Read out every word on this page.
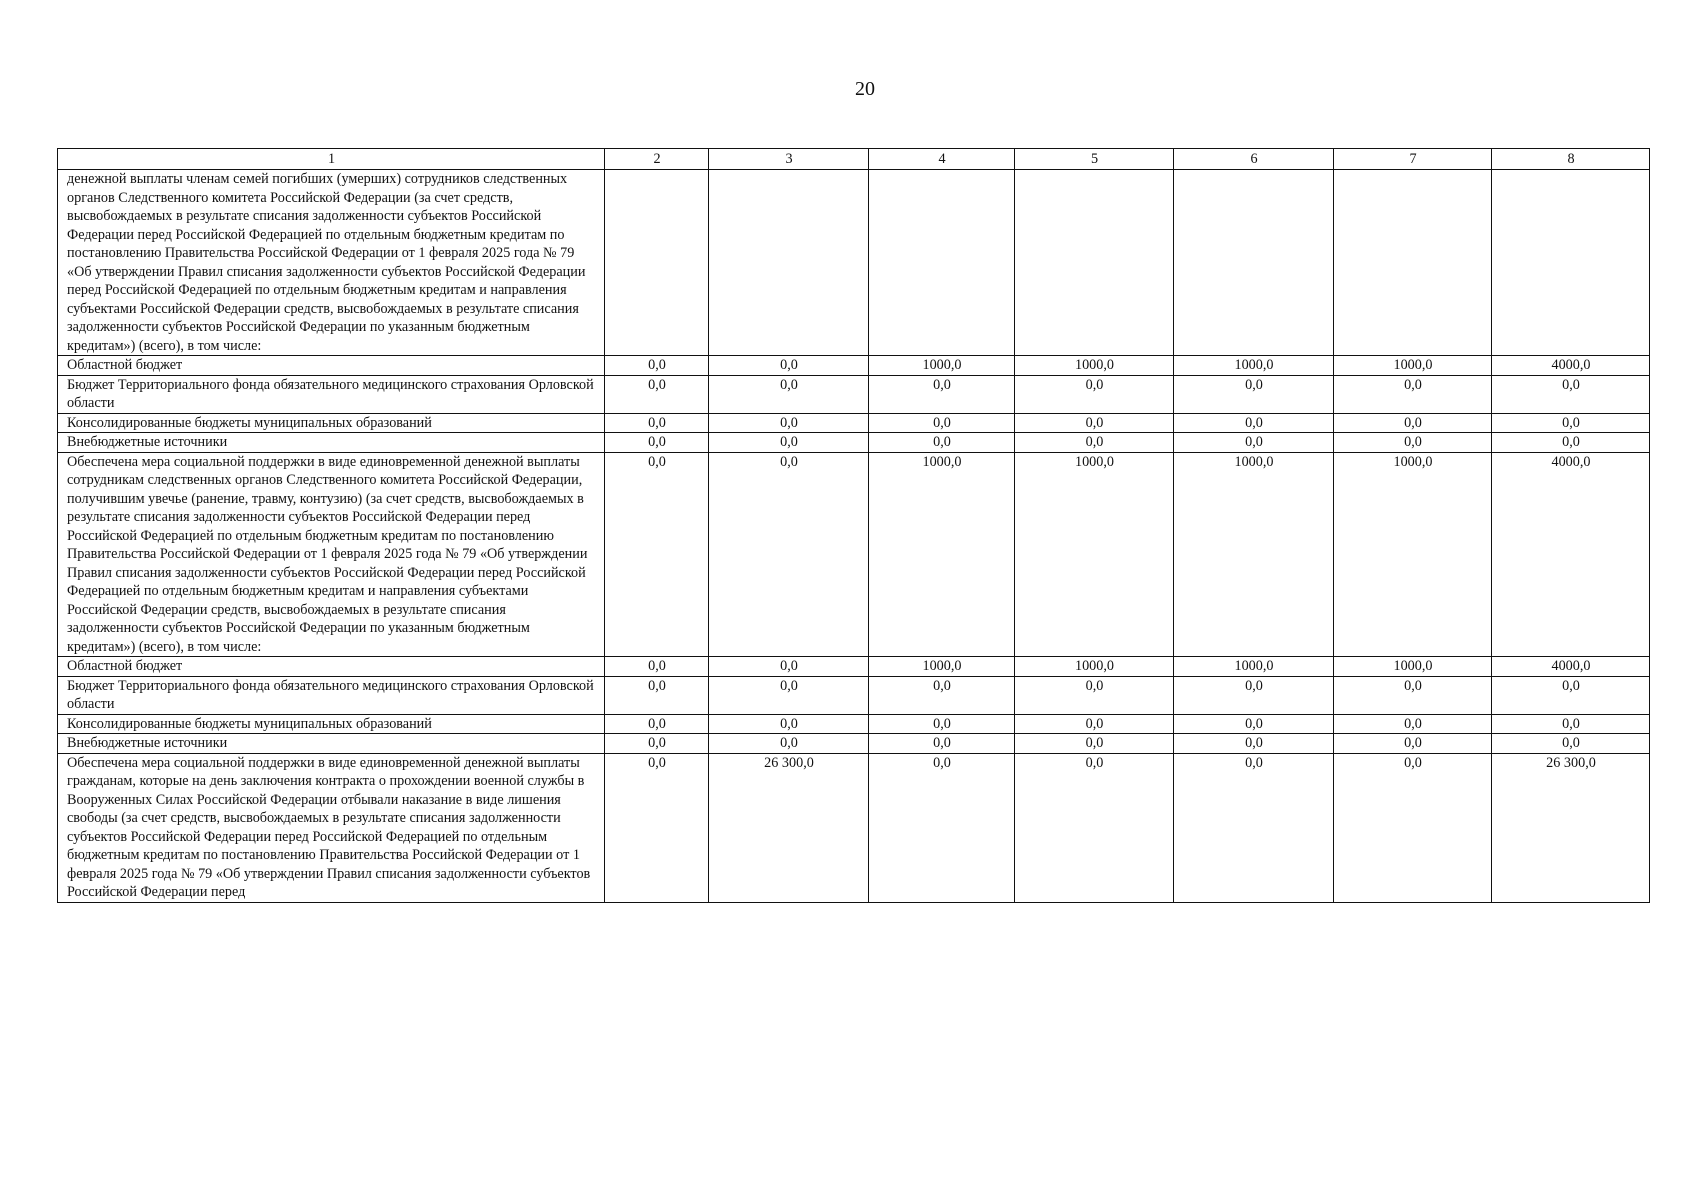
20
1	2	3	4	5	6	7	8
денежной выплаты членам семей погибших (умерших) сотрудников следственных органов Следственного комитета Российской Федерации (за счет средств, высвобождаемых в результате списания задолженности субъектов Российской Федерации перед Российской Федерацией по отдельным бюджетным кредитам по постановлению Правительства Российской Федерации от 1 февраля 2025 года № 79 «Об утверждении Правил списания задолженности субъектов Российской Федерации перед Российской Федерацией по отдельным бюджетным кредитам и направления субъектами Российской Федерации средств, высвобождаемых в результате списания задолженности субъектов Российской Федерации по указанным бюджетным кредитам») (всего), в том числе:							
Областной бюджет	0,0	0,0	1000,0	1000,0	1000,0	1000,0	4000,0
Бюджет Территориального фонда обязательного медицинского страхования Орловской области	0,0	0,0	0,0	0,0	0,0	0,0	0,0
Консолидированные бюджеты муниципальных образований	0,0	0,0	0,0	0,0	0,0	0,0	0,0
Внебюджетные источники	0,0	0,0	0,0	0,0	0,0	0,0	0,0
Обеспечена мера социальной поддержки в виде единовременной денежной выплаты сотрудникам следственных органов Следственного комитета Российской Федерации, получившим увечье (ранение, травму, контузию) (за счет средств, высвобождаемых в результате списания задолженности субъектов Российской Федерации перед Российской Федерацией по отдельным бюджетным кредитам по постановлению Правительства Российской Федерации от 1 февраля 2025 года № 79 «Об утверждении Правил списания задолженности субъектов Российской Федерации перед Российской Федерацией по отдельным бюджетным кредитам и направления субъектами Российской Федерации средств, высвобождаемых в результате списания задолженности субъектов Российской Федерации по указанным бюджетным кредитам») (всего), в том числе:	0,0	0,0	1000,0	1000,0	1000,0	1000,0	4000,0
Областной бюджет	0,0	0,0	1000,0	1000,0	1000,0	1000,0	4000,0
Бюджет Территориального фонда обязательного медицинского страхования Орловской области	0,0	0,0	0,0	0,0	0,0	0,0	0,0
Консолидированные бюджеты муниципальных образований	0,0	0,0	0,0	0,0	0,0	0,0	0,0
Внебюджетные источники	0,0	0,0	0,0	0,0	0,0	0,0	0,0
Обеспечена мера социальной поддержки в виде единовременной денежной выплаты гражданам, которые на день заключения контракта о прохождении военной службы в Вооруженных Силах Российской Федерации отбывали наказание в виде лишения свободы (за счет средств, высвобождаемых в результате списания задолженности субъектов Российской Федерации перед Российской Федерацией по отдельным бюджетным кредитам по постановлению Правительства Российской Федерации от 1 февраля 2025 года № 79 «Об утверждении Правил списания задолженности субъектов Российской Федерации перед	0,0	26 300,0	0,0	0,0	0,0	0,0	26 300,0
